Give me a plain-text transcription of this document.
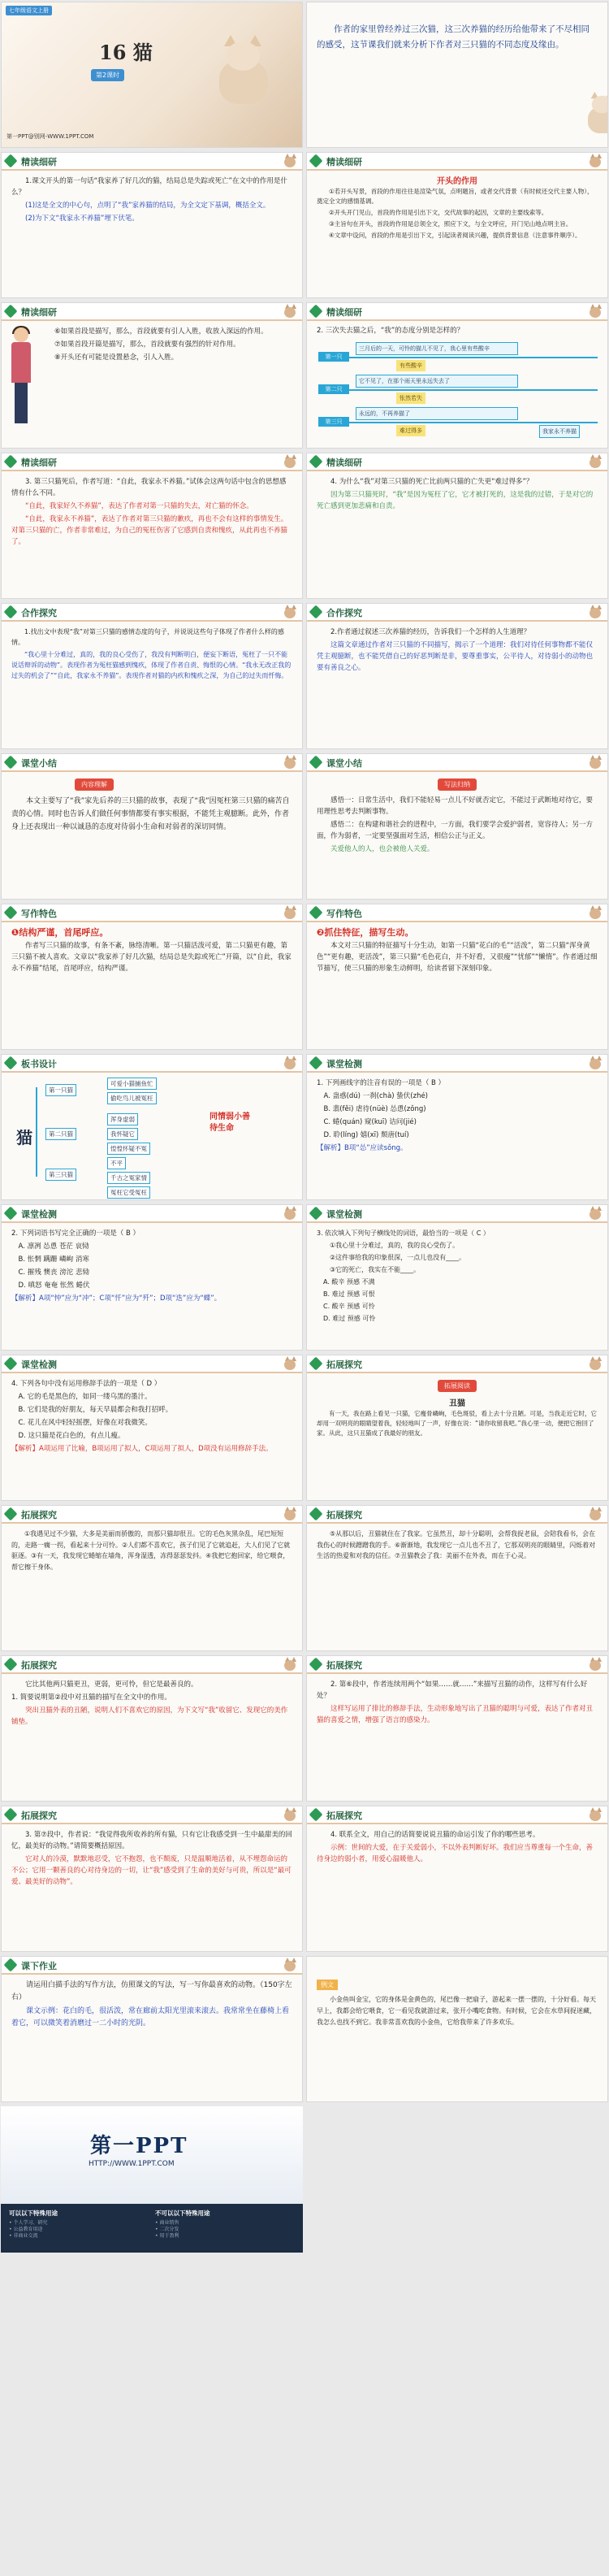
七年级语文上册
16 猫
第2课时
第一PPT@别网-WWW.1PPT.COM

作者的家里曾经养过三次猫，这三次养猫的经历给他带来了不尽相同的感受，这节课我们就来分析下作者对三只猫的不同态度及缘由。

精读细研

1.课文开头的第一句话“我家养了好几次的猫，结局总是失踪或死亡”在文中的作用是什么？

(1)这是全文的中心句，点明了“我”家养猫的结局，为全文定下基调，概括全文。

(2)为下文“我家永不养猫”埋下伏笔。

精读细研
开头的作用

①若开头写景，首段的作用往往是渲染气氛，点明题旨，或者交代背景（有时候还交代主要人物），奠定全文的感情基调。

②开头开门见山，首段的作用是引出下文，交代故事的起因，文章的主要线索等。

③主旨句在开头，首段的作用是总领全文，照应下文，与全文呼应，开门见山地点明主旨。

④文章中设问，首段的作用是引出下文，引起读者阅读兴趣，提供背景信息（注意事件顺序）。

精读细研

⑥如果首段是描写，那么，首段就要有引人入胜，收放入深远的作用。

⑦如果首段开篇是描写，那么，首段就要有强烈的针对作用。

⑧开头还有可能是设置悬念，引人入胜。

精读细研
2. 三次失去猫之后，“我”的态度分别是怎样的？
第一只
第二只
第三只
三月后的一天，可怜的猫儿不见了，我心里有些酸辛
它不见了，在那个雨天里永远失去了
永远的，不再养猫了
有些酸辛
怅然若失
难过得多	我家永不养猫
精读细研

3. 第三只猫死后，作者写道：“自此，我家永不养猫。”试体会这两句话中包含的思想感情有什么不同。

“自此，我家好久不养猫”，表达了作者对第一只猫的失去，对亡猫的怀念。

“自此，我家永不养猫”，表达了作者对第三只猫的歉疚，再也不会有这样的事情发生。对第三只猫的亡，作者非常难过，为自己的冤枉伤害了它感到自责和愧疚，从此再也不养猫了。

精读细研

4. 为什么“我”对第三只猫的死亡比前两只猫的亡失更“难过得多”？

因为第三只猫死时，“我”是因为冤枉了它，它才被打死的，这是我的过错，于是对它的死亡感到更加悲痛和自责。

合作探究

1.找出文中表现“我”对第三只猫的感情态度的句子，并说说这些句子体现了作者什么样的感情。

“我心里十分难过，真的，我的良心受伤了，我没有判断明白，便妄下断语，冤枉了一只不能说话辩诉的动物”。表现作者为冤枉猫感到愧疚，体现了作者自责、悔恨的心情。“我永无改正我的过失的机会了”“自此，我家永不养猫”。表现作者对猫的内疚和愧疚之深，为自己的过失而忏悔。

合作探究

2.作者通过叙述三次养猫的经历，告诉我们一个怎样的人生道理？

这篇文章通过作者对三只猫的不同描写，揭示了一个道理：我们对待任何事物都不能仅凭主观臆断，也不能凭借自己的好恶判断是非，要尊重事实，公平待人，对待弱小的动物也要有善良之心。

课堂小结
内容理解

本文主要写了“我”家先后养的三只猫的故事，表现了“我”因冤枉第三只猫的痛苦自责的心情。同时也告诉人们做任何事情都要有事实根据，不能凭主观臆断。此外，作者身上还表现出一种以诚恳的态度对待弱小生命和对弱者的深切同情。

课堂小结
写法归纳

感悟一：日常生活中，我们不能轻易一点儿不好就否定它，不能过于武断地对待它，要用理性思考去判断事物。

感悟二：在构建和谐社会的进程中，一方面，我们要学会爱护弱者，宽容待人；另一方面，作为弱者，一定要坚强面对生活，相信公正与正义。

关爱他人的人，也会被他人关爱。

写作特色

❶结构严谨，首尾呼应。

作者写三只猫的故事，有条不紊，脉络清晰。第一只猫活泼可爱，第二只猫更有趣，第三只猫不被人喜欢。文章以“我家养了好几次猫，结局总是失踪或死亡”开篇，以“自此，我家永不养猫”结尾，首尾呼应，结构严谨。

写作特色

❷抓住特征，描写生动。

本文对三只猫的特征描写十分生动，如第一只猫“花白的毛”“活泼”，第二只猫“浑身黄色”“更有趣，更活泼”，第三只猫“毛色花白，并不好看，又很瘦”“忧郁”“懒惰”。作者通过细节描写，使三只猫的形象生动鲜明，给读者留下深刻印象。

板书设计
猫
第一只猫
第二只猫
第三只猫
可爱小猫捕鱼忙
偷吃鸟儿被冤枉
浑身虚弱
我怀疑它
惶惶怀疑不冤
不平
千古之冤家情
冤枉它受冤枉
同情弱小善待生命
课堂检测

1. 下列画线字的注音有误的一项是（ B ）

A. 蛊惑(dú) 一刹(chà) 蛰伏(zhé)

B. 翡(fěi) 虐待(nüè) 怂恿(zǒng)

C. 蜷(quán) 窥(kuī) 诘问(jié)

D. 聆(líng) 嬉(xī) 颓唐(tuí)

【解析】B项“怂”应读sǒng。

课堂检测

2. 下列词语书写完全正确的一项是（ B ）

A. 凛冽 怂恿 苍茫 哀恸

B. 怅惘 蹒跚 嶙峋 消寒

C. 摧残 懊丧 滂沱 悲恸

D. 嗔怒 奄奄 怅然 蜷伏

【解析】A项“忡”应为“冲”；C项“忏”应为“歼”；D项“迭”应为“蝶”。

课堂检测

3. 依次填入下列句子横线处的词语，最恰当的一项是（ C ）

①我心里十分难过，真的，我的良心受伤了。

②这件事给我的印象很深，一点儿也没有____。

③它的死亡，我实在不能____。

A. 酸辛 预感 不满

B. 难过 预感 可恨

C. 酸辛 预感 可怜

D. 难过 预感 可怜

课堂检测

4. 下列各句中没有运用修辞手法的一项是（ D ）

A. 它的毛是黑色的，如同一缕乌黑的墨汁。

B. 它们是我的好朋友，每天早晨都会和我打招呼。

C. 花儿在风中轻轻摇摆，好像在对我微笑。

D. 这只猫是花白色的，有点儿瘦。

【解析】A项运用了比喻，B项运用了拟人，C项运用了拟人，D项没有运用修辞手法。

拓展探究
拓展阅读
丑猫

有一天，我在路上看见一只猫，它瘦骨嶙峋，毛色斑驳，看上去十分丑陋。可是，当我走近它时，它却用一双明亮的眼睛望着我，轻轻地叫了一声，好像在说：“请你收留我吧。”我心里一动，便把它抱回了家。从此，这只丑猫成了我最好的朋友。

拓展探究

①我遇见过不少猫，大多是美丽而骄傲的，而那只猫却很丑。它的毛色灰黑杂乱，尾巴短短的，走路一瘸一拐，看起来十分可怜。②人们都不喜欢它，孩子们见了它就追赶，大人们见了它就驱逐。③有一天，我发现它蜷缩在墙角，浑身湿透，冻得瑟瑟发抖。④我把它抱回家，给它喂食，帮它擦干身体。

拓展探究

⑤从那以后，丑猫就住在了我家。它虽然丑，却十分聪明，会帮我捉老鼠，会陪我看书，会在我伤心的时候蹭蹭我的手。⑥渐渐地，我发现它一点儿也不丑了，它那双明亮的眼睛里，闪烁着对生活的热爱和对我的信任。⑦丑猫教会了我：美丽不在外表，而在于心灵。

拓展探究

它比其他两只猫更丑，更弱，更可怜，但它是最善良的。

1. 简要说明第②段中对丑猫的描写在全文中的作用。

突出丑猫外表的丑陋，说明人们不喜欢它的原因，为下文写“我”收留它、发现它的美作铺垫。

拓展探究

2. 第⑥段中，作者连续用两个“如果……就……”来描写丑猫的动作，这样写有什么好处？

这样写运用了排比的修辞手法，生动形象地写出了丑猫的聪明与可爱，表达了作者对丑猫的喜爱之情，增强了语言的感染力。

拓展探究

3. 第⑦段中，作者说：“我觉得我所收养的所有猫，只有它让我感受到一生中最甜美的回忆，最美好的动物。”请简要概括原因。

它对人的冷漠，默默地忍受，它不抱怨，也不颓废，只是温顺地活着，从不埋怨命运的不公；它用一颗善良的心对待身边的一切，让“我”感受到了生命的美好与可贵，所以是“最可爱、最美好的动物”。

拓展探究

4. 联系全文，用自己的话简要说说丑猫的命运引发了你的哪些思考。

示例：世间的大爱，在于关爱弱小，不以外表判断好坏。我们应当尊重每一个生命，善待身边的弱小者，用爱心温暖他人。

课下作业

请运用白描手法的写作方法，仿照课文的写法，写一写你最喜欢的动物。（150字左右）

课文示例：花白的毛，很活泼，常在廊前太阳光里滚来滚去。我常常坐在藤椅上看着它，可以微笑着消磨过一二小时的光阴。

例文

小金鱼叫金宝，它的身体是金黄色的，尾巴像一把扇子，游起来一摆一摆的，十分好看。每天早上，我都会给它喂食，它一看见我就游过来，张开小嘴吃食物。有时候，它会在水草间捉迷藏，我怎么也找不到它。我非常喜欢我的小金鱼，它给我带来了许多欢乐。

第一PPT
HTTP://WWW.1PPT.COM
可以以下特殊用途	不可以以下特殊用途
• 个人学习、研究
• 公益教育用途
• 非商业交流
• 商业销售
• 二次分发
• 用于盈利
